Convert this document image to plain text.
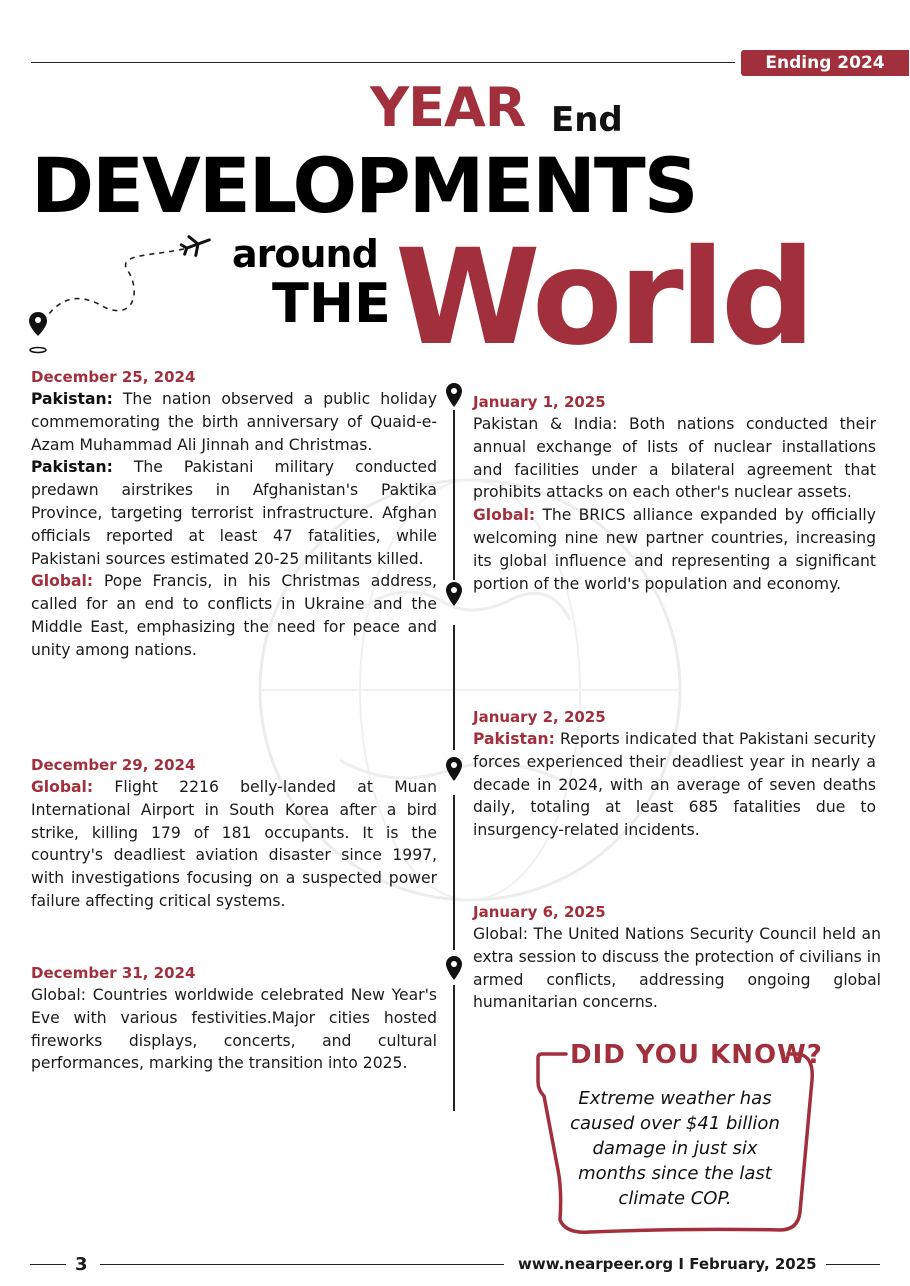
Ending 2024
YEAR End
DEVELOPMENTS
around
THE World
December 25, 2024

Pakistan: The nation observed a public holiday commemorating the birth anniversary of Quaid-e-Azam Muhammad Ali Jinnah and Christmas.

Pakistan: The Pakistani military conducted predawn airstrikes in Afghanistan's Paktika Province, targeting terrorist infrastructure. Afghan officials reported at least 47 fatalities, while Pakistani sources estimated 20-25 militants killed.

Global: Pope Francis, in his Christmas address, called for an end to conflicts in Ukraine and the Middle East, emphasizing the need for peace and unity among nations.

December 29, 2024

Global: Flight 2216 belly-landed at Muan International Airport in South Korea after a bird strike, killing 179 of 181 occupants. It is the country's deadliest aviation disaster since 1997, with investigations focusing on a suspected power failure affecting critical systems.

December 31, 2024

Global: Countries worldwide celebrated New Year's Eve with various festivities.Major cities hosted fireworks displays, concerts, and cultural performances, marking the transition into 2025.

January 1, 2025

Pakistan & India: Both nations conducted their annual exchange of lists of nuclear installations and facilities under a bilateral agreement that prohibits attacks on each other's nuclear assets.

Global: The BRICS alliance expanded by officially welcoming nine new partner countries, increasing its global influence and representing a significant portion of the world's population and economy.

January 2, 2025

Pakistan: Reports indicated that Pakistani security forces experienced their deadliest year in nearly a decade in 2024, with an average of seven deaths daily, totaling at least 685 fatalities due to insurgency-related incidents.

January 6, 2025

Global: The United Nations Security Council held an extra session to discuss the protection of civilians in armed conflicts, addressing ongoing global humanitarian concerns.

DID YOU KNOW?
Extreme weather has caused over $41 billion damage in just six months since the last climate COP.
3	www.nearpeer.org I February, 2025
